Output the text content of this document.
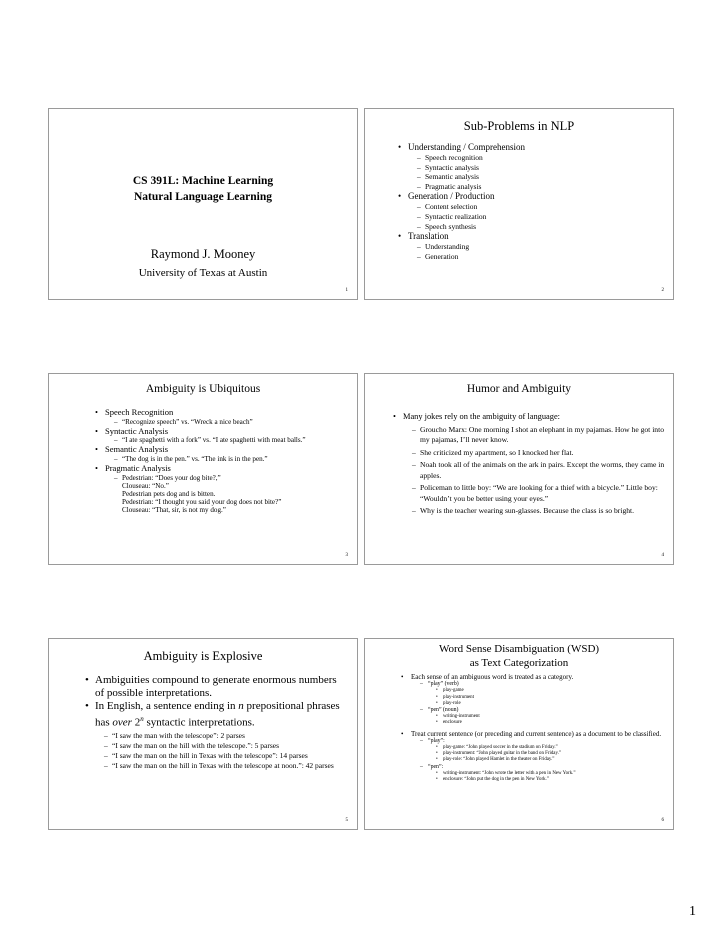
CS 391L: Machine Learning
Natural Language Learning
Raymond J. Mooney
University of Texas at Austin
1
Sub-Problems in NLP
• Understanding / Comprehension
– Speech recognition
– Syntactic analysis
– Semantic analysis
– Pragmatic analysis
• Generation / Production
– Content selection
– Syntactic realization
– Speech synthesis
• Translation
– Understanding
– Generation
2
Ambiguity is Ubiquitous
• Speech Recognition
– “Recognize speech” vs. “Wreck a nice beach”
• Syntactic Analysis
– “I ate spaghetti with a fork” vs. “I ate spaghetti with meat balls.”
• Semantic Analysis
– “The dog is in the pen.” vs. “The ink is in the pen.”
• Pragmatic Analysis
– Pedestrian: “Does your dog bite?,”
Clouseau: “No.”
Pedestrian pets dog and is bitten.
Pedestrian: “I thought you said your dog does not bite?”
Clouseau: “That, sir, is not my dog.”
3
Humor and Ambiguity
• Many jokes rely on the ambiguity of language:
– Groucho Marx: One morning I shot an elephant in my pajamas. How he got into my pajamas, I’ll never know.
– She criticized my apartment, so I knocked her flat.
– Noah took all of the animals on the ark in pairs. Except the worms, they came in apples.
– Policeman to little boy: “We are looking for a thief with a bicycle.” Little boy: “Wouldn’t you be better using your eyes.”
– Why is the teacher wearing sun-glasses. Because the class is so bright.
4
Ambiguity is Explosive
• Ambiguities compound to generate enormous numbers of possible interpretations.
• In English, a sentence ending in n prepositional phrases has over 2$^n$ syntactic interpretations.
– “I saw the man with the telescope”: 2 parses
– “I saw the man on the hill with the telescope.”: 5 parses
– “I saw the man on the hill in Texas with the telescope”: 14 parses
– “I saw the man on the hill in Texas with the telescope at noon.”: 42 parses
5
Word Sense Disambiguation (WSD)
as Text Categorization
• Each sense of an ambiguous word is treated as a category.
– “play” (verb)
• play-game
• play-instrument
• play-role
– “pen” (noun)
• writing-instrument
• enclosure
• Treat current sentence (or preceding and current sentence) as a document to be classified.
– “play”:
• play-game: “John played soccer in the stadium on Friday.”
• play-instrument: “John played guitar in the band on Friday.”
• play-role: “John played Hamlet in the theater on Friday.”
– “pen”:
• writing-instrument: “John wrote the letter with a pen in New York.”
• enclosure: “John put the dog in the pen in New York.”
6
1
